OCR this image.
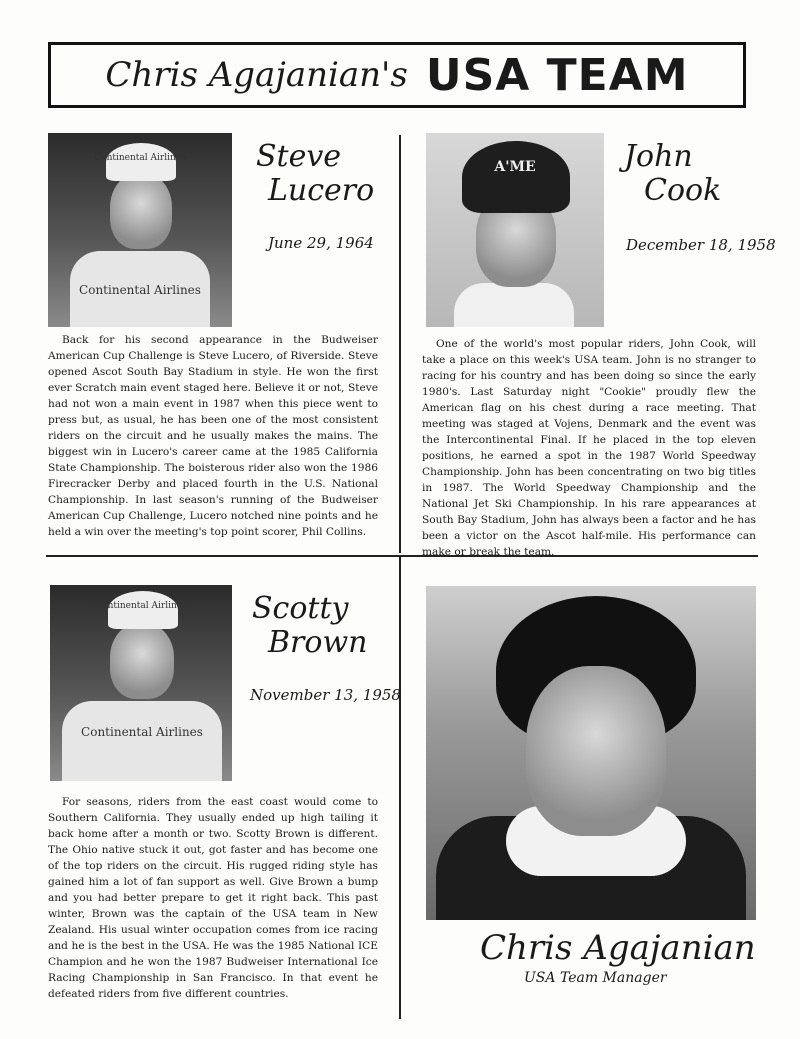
Chris Agajanian's USA TEAM
Continental Airlines
Continental Airlines	Steve
Lucero
June 29, 1964
Back for his second appearance in the Budweiser American Cup Challenge is Steve Lucero, of Riverside. Steve opened Ascot South Bay Stadium in style. He won the first ever Scratch main event staged here. Believe it or not, Steve had not won a main event in 1987 when this piece went to press but, as usual, he has been one of the most consistent riders on the circuit and he usually makes the mains. The biggest win in Lucero's career came at the 1985 California State Championship. The boisterous rider also won the 1986 Firecracker Derby and placed fourth in the U.S. National Championship. In last season's running of the Budweiser American Cup Challenge, Lucero notched nine points and he held a win over the meeting's top point scorer, Phil Collins.
A'ME	John
Cook
December 18, 1958
One of the world's most popular riders, John Cook, will take a place on this week's USA team. John is no stranger to racing for his country and has been doing so since the early 1980's. Last Saturday night "Cookie" proudly flew the American flag on his chest during a race meeting. That meeting was staged at Vojens, Denmark and the event was the Intercontinental Final. If he placed in the top eleven positions, he earned a spot in the 1987 World Speedway Championship. John has been concentrating on two big titles in 1987. The World Speedway Championship and the National Jet Ski Championship. In his rare appearances at South Bay Stadium, John has always been a factor and he has been a victor on the Ascot half-mile. His performance can make or break the team.
Continental Airlines
Continental Airlines	Scotty
Brown
November 13, 1958
For seasons, riders from the east coast would come to Southern California. They usually ended up high tailing it back home after a month or two. Scotty Brown is different. The Ohio native stuck it out, got faster and has become one of the top riders on the circuit. His rugged riding style has gained him a lot of fan support as well. Give Brown a bump and you had better prepare to get it right back. This past winter, Brown was the captain of the USA team in New Zealand. His usual winter occupation comes from ice racing and he is the best in the USA. He was the 1985 National ICE Champion and he won the 1987 Budweiser International Ice Racing Championship in San Francisco. In that event he defeated riders from five different countries.
Chris Agajanian
USA Team Manager
